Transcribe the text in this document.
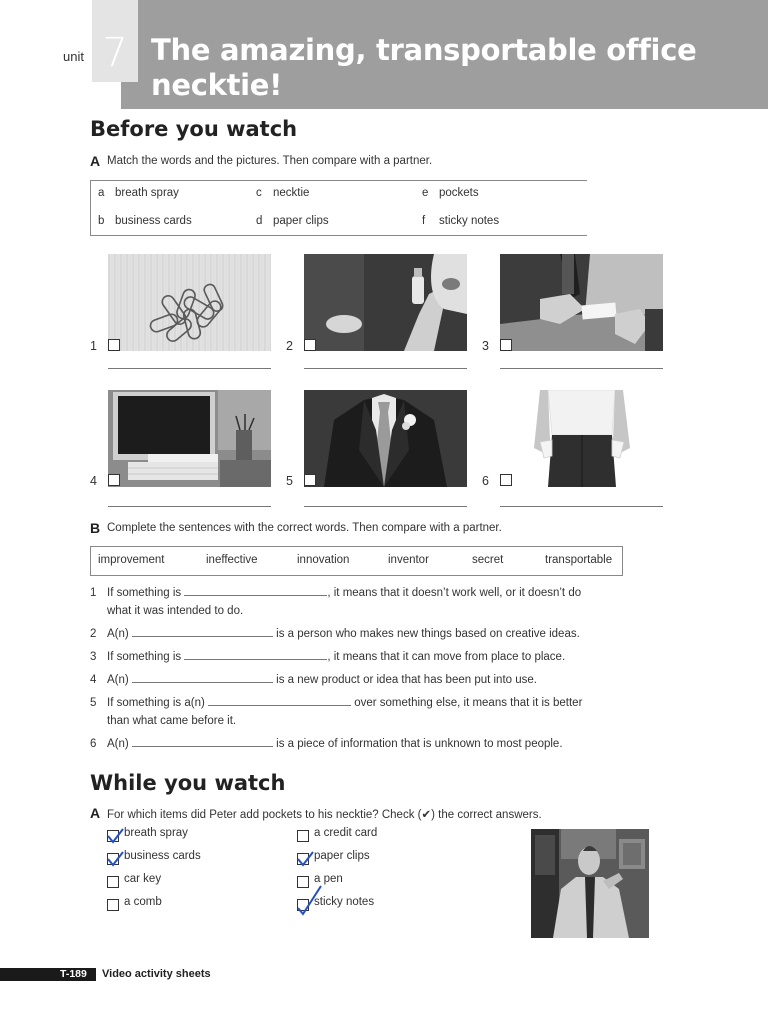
unit 7 The amazing, transportable office
necktie!
Before you watch
A Match the words and the pictures. Then compare with a partner.
a breath spray
b business cards
c necktie
d paper clips
e pockets
f sticky notes
1	2	3
4	5	6
B Complete the sentences with the correct words. Then compare with a partner.
improvement	ineffective	innovation	inventor	secret	transportable
1 If something is	, it means that it doesn’t work well, or it doesn’t do
what it was intended to do.
2 A(n)	is a person who makes new things based on creative ideas.
3 If something is	, it means that it can move from place to place.
4 A(n)	is a new product or idea that has been put into use.
5 If something is a(n)	over something else, it means that it is better
than what came before it.
6 A(n)	is a piece of information that is unknown to most people.
While you watch
A For which items did Peter add pockets to his necktie? Check (✔) the correct answers.
breath spray
business cards
car key
a comb
a credit card
paper clips
a pen
sticky notes
T-189 Video activity sheets
